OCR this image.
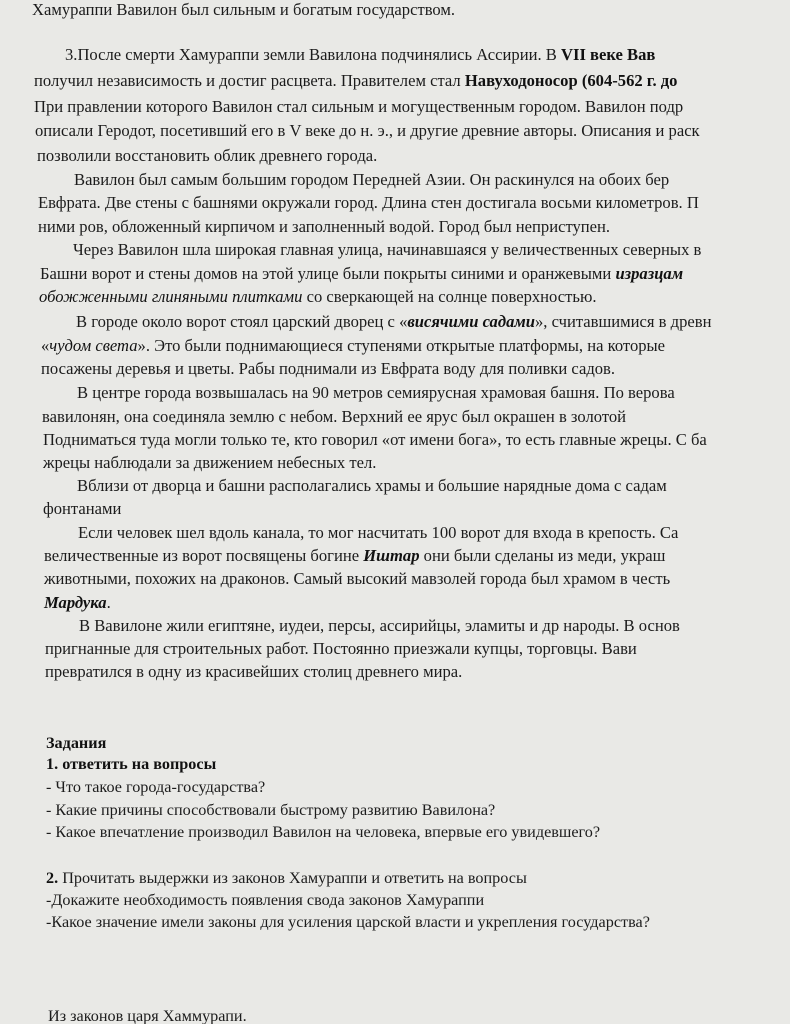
Хамураппи Вавилон был сильным и богатым государством.
3.После смерти Хамураппи земли Вавилона подчинялись Ассирии. В VII веке Вав
получил независимость и достиг расцвета. Правителем стал Навуходоносор (604-562 г. до
При правлении которого Вавилон стал сильным и могущественным городом. Вавилон подр
описали Геродот, посетивший его в V веке до н. э., и другие древние авторы. Описания и раск
позволили восстановить облик древнего города.
Вавилон был самым большим городом Передней Азии. Он раскинулся на обоих бер
Евфрата. Две стены с башнями окружали город. Длина стен достигала восьми километров. П
ними ров, обложенный кирпичом и заполненный водой. Город был неприступен.
Через Вавилон шла широкая главная улица, начинавшаяся у величественных северных в
Башни ворот и стены домов на этой улице были покрыты синими и оранжевыми изразцам
обожженными глиняными плитками со сверкающей на солнце поверхностью.
В городе около ворот стоял царский дворец с «висячими садами», считавшимися в древн
«чудом света». Это были поднимающиеся ступенями открытые платформы, на которые
посажены деревья и цветы. Рабы поднимали из Евфрата воду для поливки садов.
В центре города возвышалась на 90 метров семиярусная храмовая башня. По верова
вавилонян, она соединяла землю с небом. Верхний ее ярус был окрашен в золотой
Подниматься туда могли только те, кто говорил «от имени бога», то есть главные жрецы. С ба
жрецы наблюдали за движением небесных тел.
Вблизи от дворца и башни располагались храмы и большие нарядные дома с садам
фонтанами
Если человек шел вдоль канала, то мог насчитать 100 ворот для входа в крепость. Са
величественные из ворот посвящены богине Иштар они были сделаны из меди, украш
животными, похожих на драконов. Самый высокий мавзолей города был храмом в честь
Мардука.
В Вавилоне жили египтяне, иудеи, персы, ассирийцы, эламиты и др народы. В основ
пригнанные для строительных работ. Постоянно приезжали купцы, торговцы. Вави
превратился в одну из красивейших столиц древнего мира.
Задания
1. ответить на вопросы
- Что такое города-государства?
- Какие причины способствовали быстрому развитию Вавилона?
- Какое впечатление производил Вавилон на человека, впервые его увидевшего?
2. Прочитать выдержки из законов Хамураппи и ответить на вопросы
-Докажите необходимость появления свода законов Хамураппи
-Какое значение имели законы для усиления царской власти и укрепления государства?
Из законов царя Хаммурапи.
